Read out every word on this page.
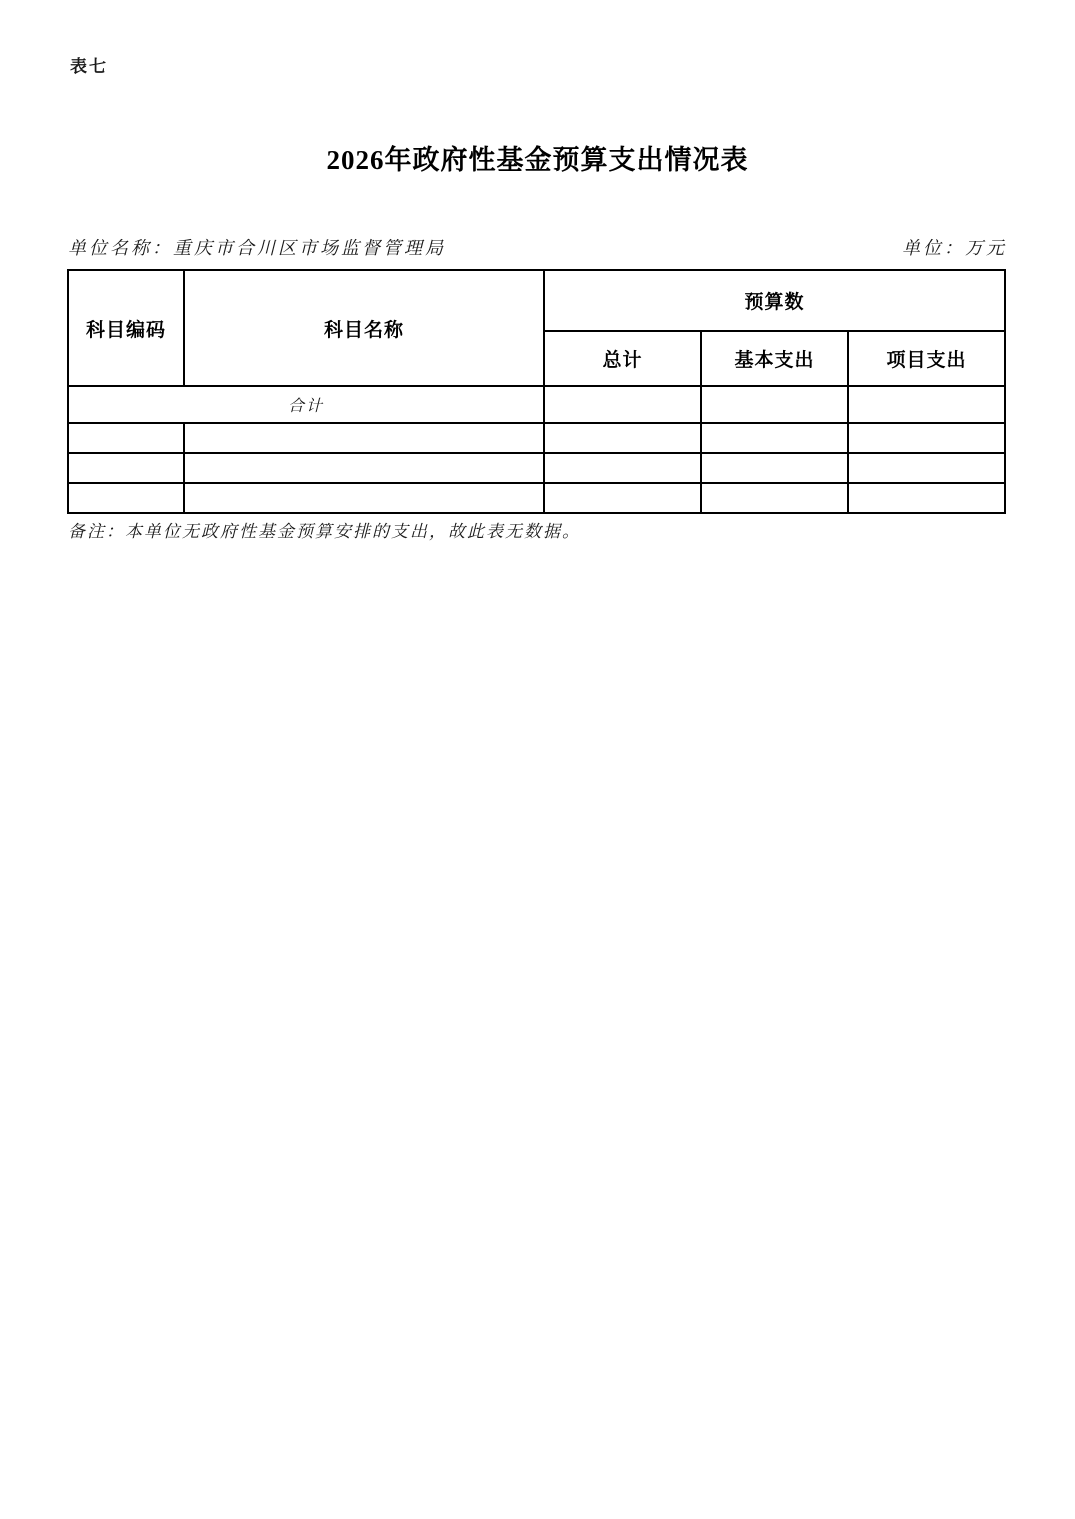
表七
2026年政府性基金预算支出情况表
单位名称：重庆市合川区市场监督管理局	单位：万元
科目编码	科目名称	预算数		
		总计	基本支出	项目支出
合计				

备注：本单位无政府性基金预算安排的支出，故此表无数据。
